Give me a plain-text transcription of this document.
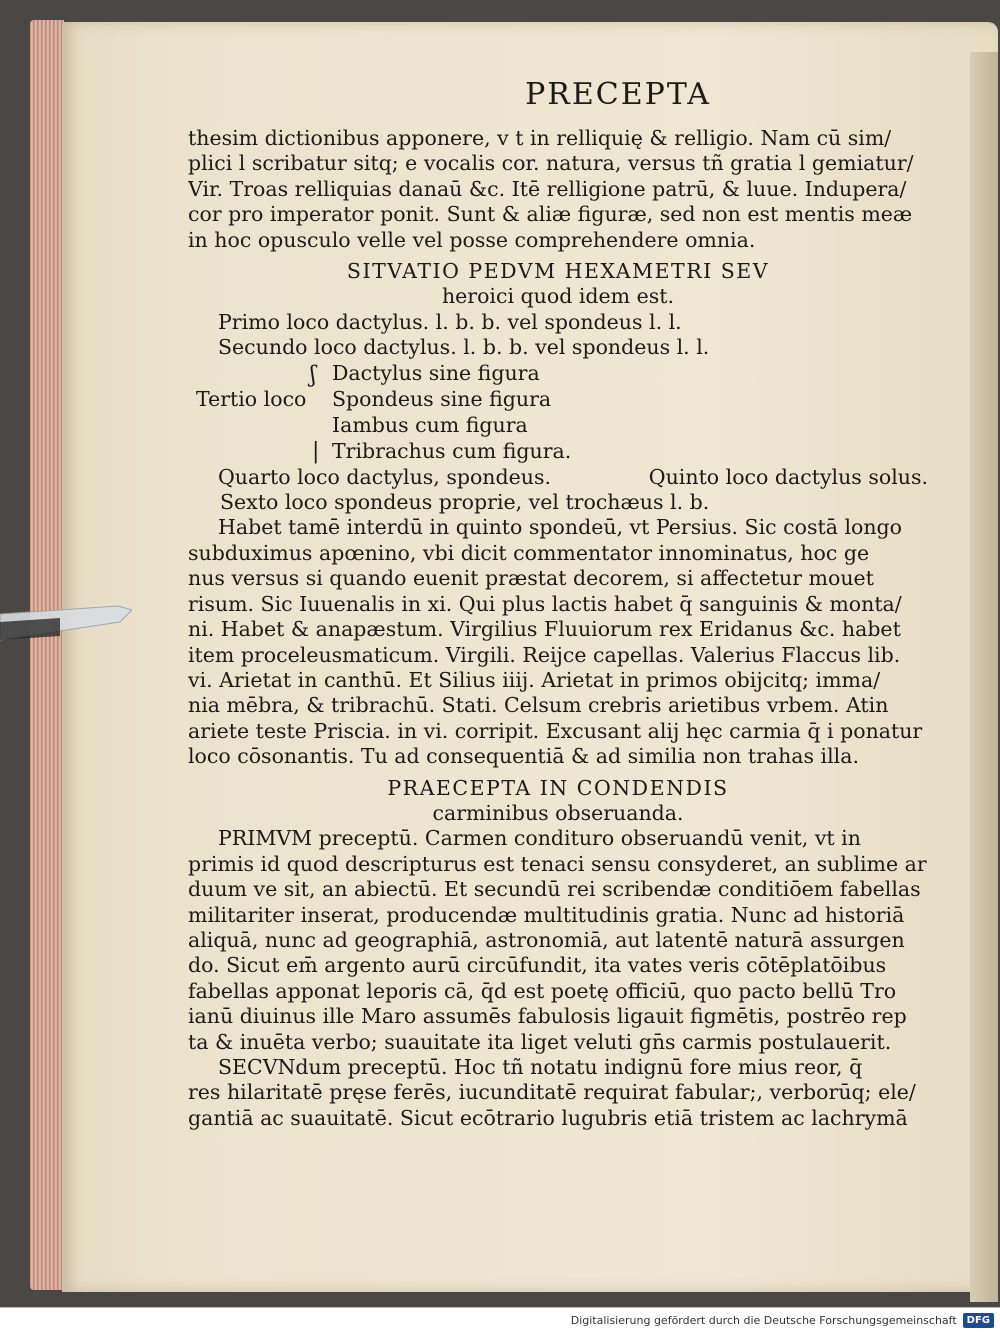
PRECEPTA
thesim dictionibus apponere, v t in relliquię & relligio. Nam cū sim/
plici l scribatur sitq; e vocalis cor. natura, versus tñ gratia l gemiatur/
Vir. Troas relliquias danaū &c. Itē relligione patrū, & luue. Indupera/
cor pro imperator ponit. Sunt & aliæ figuræ, sed non est mentis meæ
in hoc opusculo velle vel posse comprehendere omnia.
SITVATIO PEDVM HEXAMETRI SEV
heroici quod idem est.
Primo loco dactylus. l. b. b. vel spondeus l. l.
Secundo loco dactylus. l. b. b. vel spondeus l. l.
Tertio loco
ʃ
|
Dactylus sine figura
Spondeus sine figura
Iambus cum figura
Tribrachus cum figura.
Quarto loco dactylus, spondeus.	Quinto loco dactylus solus.
Sexto loco spondeus proprie, vel trochæus l. b.
Habet tamē interdū in quinto spondeū, vt Persius. Sic costā longo
subduximus apœnino, vbi dicit commentator innominatus, hoc ge
nus versus si quando euenit præstat decorem, si affectetur mouet
risum. Sic Iuuenalis in xi. Qui plus lactis habet q̄ sanguinis & monta/
ni. Habet & anapæstum. Virgilius Fluuiorum rex Eridanus &c. habet
item proceleusmaticum. Virgili. Reijce capellas. Valerius Flaccus lib.
vi. Arietat in canthū. Et Silius iiij. Arietat in primos obijcitq; imma/
nia mēbra, & tribrachū. Stati. Celsum crebris arietibus vrbem. Atin
ariete teste Priscia. in vi. corripit. Excusant alij hęc carmia q̄ i ponatur
loco cōsonantis. Tu ad consequentiā & ad similia non trahas illa.
PRAECEPTA IN CONDENDIS
carminibus obseruanda.
PRIMVM preceptū. Carmen condituro obseruandū venit, vt in
primis id quod descripturus est tenaci sensu consyderet, an sublime ar
duum ve sit, an abiectū. Et secundū rei scribendæ conditiōem fabellas
militariter inserat, producendæ multitudinis gratia. Nunc ad historiā
aliquā, nunc ad geographiā, astronomiā, aut latentē naturā assurgen
do. Sicut em̄ argento aurū circūfundit, ita vates veris cōtēplatōibus
fabellas apponat leporis cā, q̄d est poetę officiū, quo pacto bellū Tro
ianū diuinus ille Maro assumēs fabulosis ligauit figmētis, postrēo rep
ta & inuēta verbo; suauitate ita liget veluti gn̄s carmis postulauerit.
SECVNdum preceptū. Hoc tñ notatu indignū fore mius reor, q̄
res hilaritatē pręse ferēs, iucunditatē requirat fabular;, verborūq; ele/
gantiā ac suauitatē. Sicut ecōtrario lugubris etiā tristem ac lachrymā
Digitalisierung gefördert durch die Deutsche Forschungsgemeinschaft	DFG
